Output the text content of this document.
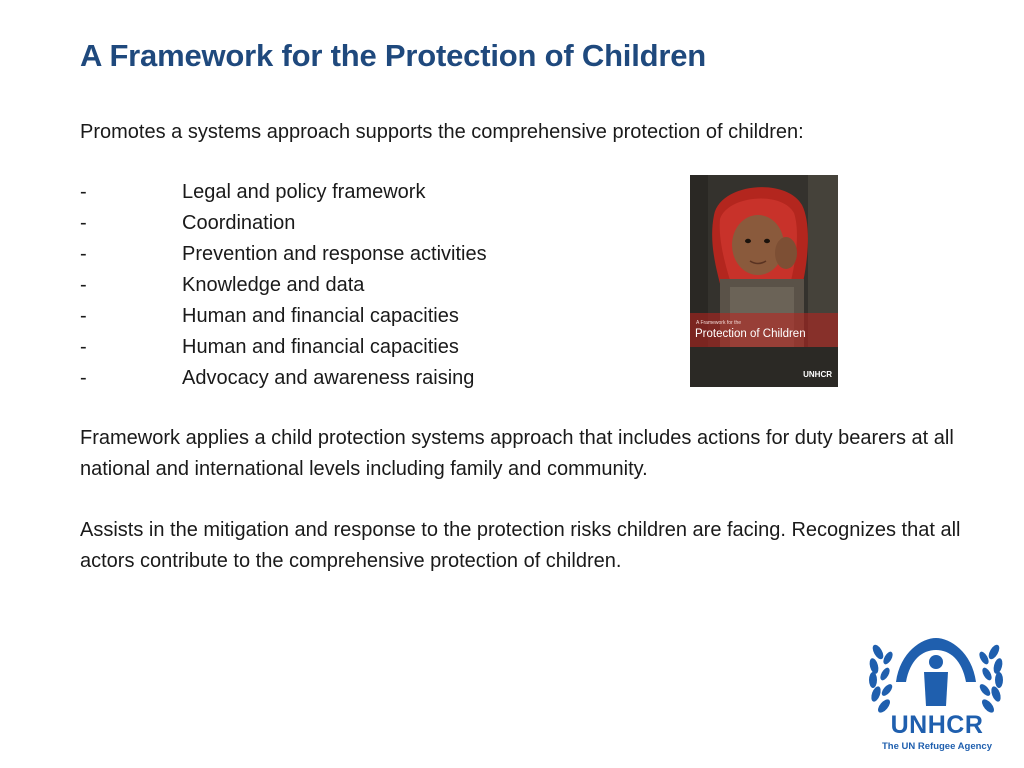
A Framework for the Protection of Children
Promotes a systems approach supports the comprehensive protection of children:
-	Legal and policy framework
-	Coordination
-	Prevention and response activities
-	Knowledge and data
-	Human and financial capacities
-	Human and financial capacities
-	Advocacy and awareness raising
Framework applies a child protection systems approach that includes actions for duty bearers at all national and international levels including family and community.
Assists in the mitigation and response to the protection risks children are facing. Recognizes that all actors contribute to the comprehensive protection of children.
A Framework for the
Protection of Children
UNHCR
UNHCR
The UN Refugee Agency
